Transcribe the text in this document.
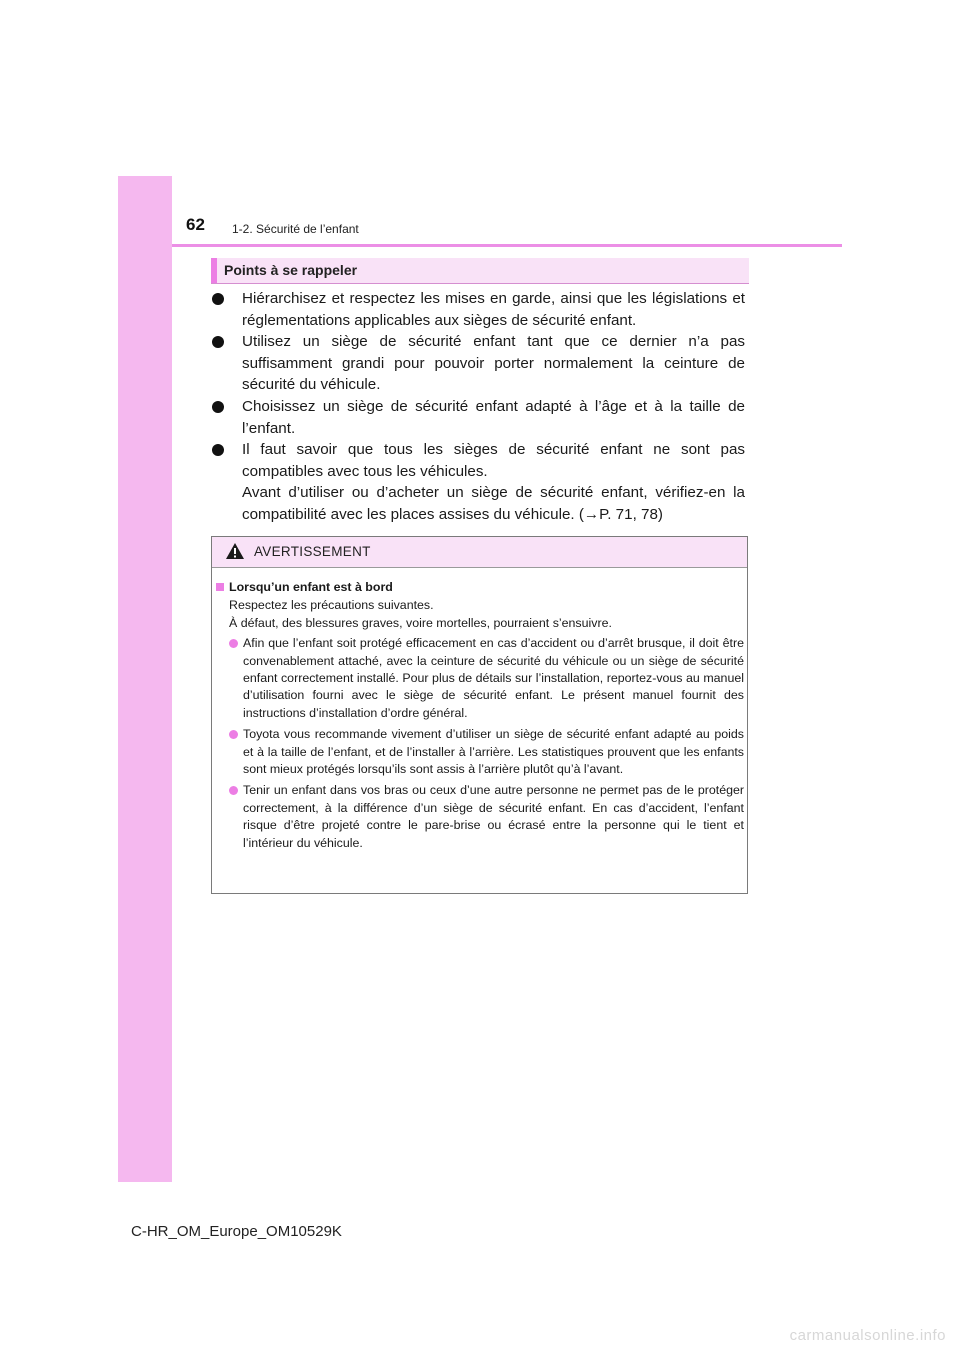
62 1-2. Sécurité de l’enfant
Points à se rappeler
Hiérarchisez et respectez les mises en garde, ainsi que les législations et réglementations applicables aux sièges de sécurité enfant.
Utilisez un siège de sécurité enfant tant que ce dernier n’a pas suffisamment grandi pour pouvoir porter normalement la ceinture de sécurité du véhicule.
Choisissez un siège de sécurité enfant adapté à l’âge et à la taille de l’enfant.
Il faut savoir que tous les sièges de sécurité enfant ne sont pas compatibles avec tous les véhicules.
Avant d’utiliser ou d’acheter un siège de sécurité enfant, vérifiez-en la compatibilité avec les places assises du véhicule. (→P. 71, 78)
AVERTISSEMENT
Lorsqu’un enfant est à bord
Respectez les précautions suivantes.
À défaut, des blessures graves, voire mortelles, pourraient s’ensuivre.
Afin que l’enfant soit protégé efficacement en cas d’accident ou d’arrêt brusque, il doit être convenablement attaché, avec la ceinture de sécurité du véhicule ou un siège de sécurité enfant correctement installé. Pour plus de détails sur l’installation, reportez-vous au manuel d’utilisation fourni avec le siège de sécurité enfant. Le présent manuel fournit des instructions d’installation d’ordre général.
Toyota vous recommande vivement d’utiliser un siège de sécurité enfant adapté au poids et à la taille de l’enfant, et de l’installer à l’arrière. Les statistiques prouvent que les enfants sont mieux protégés lorsqu’ils sont assis à l’arrière plutôt qu’à l’avant.
Tenir un enfant dans vos bras ou ceux d’une autre personne ne permet pas de le protéger correctement, à la différence d’un siège de sécurité enfant. En cas d’accident, l’enfant risque d’être projeté contre le pare-brise ou écrasé entre la personne qui le tient et l’intérieur du véhicule.
C-HR_OM_Europe_OM10529K
carmanualsonline.info
